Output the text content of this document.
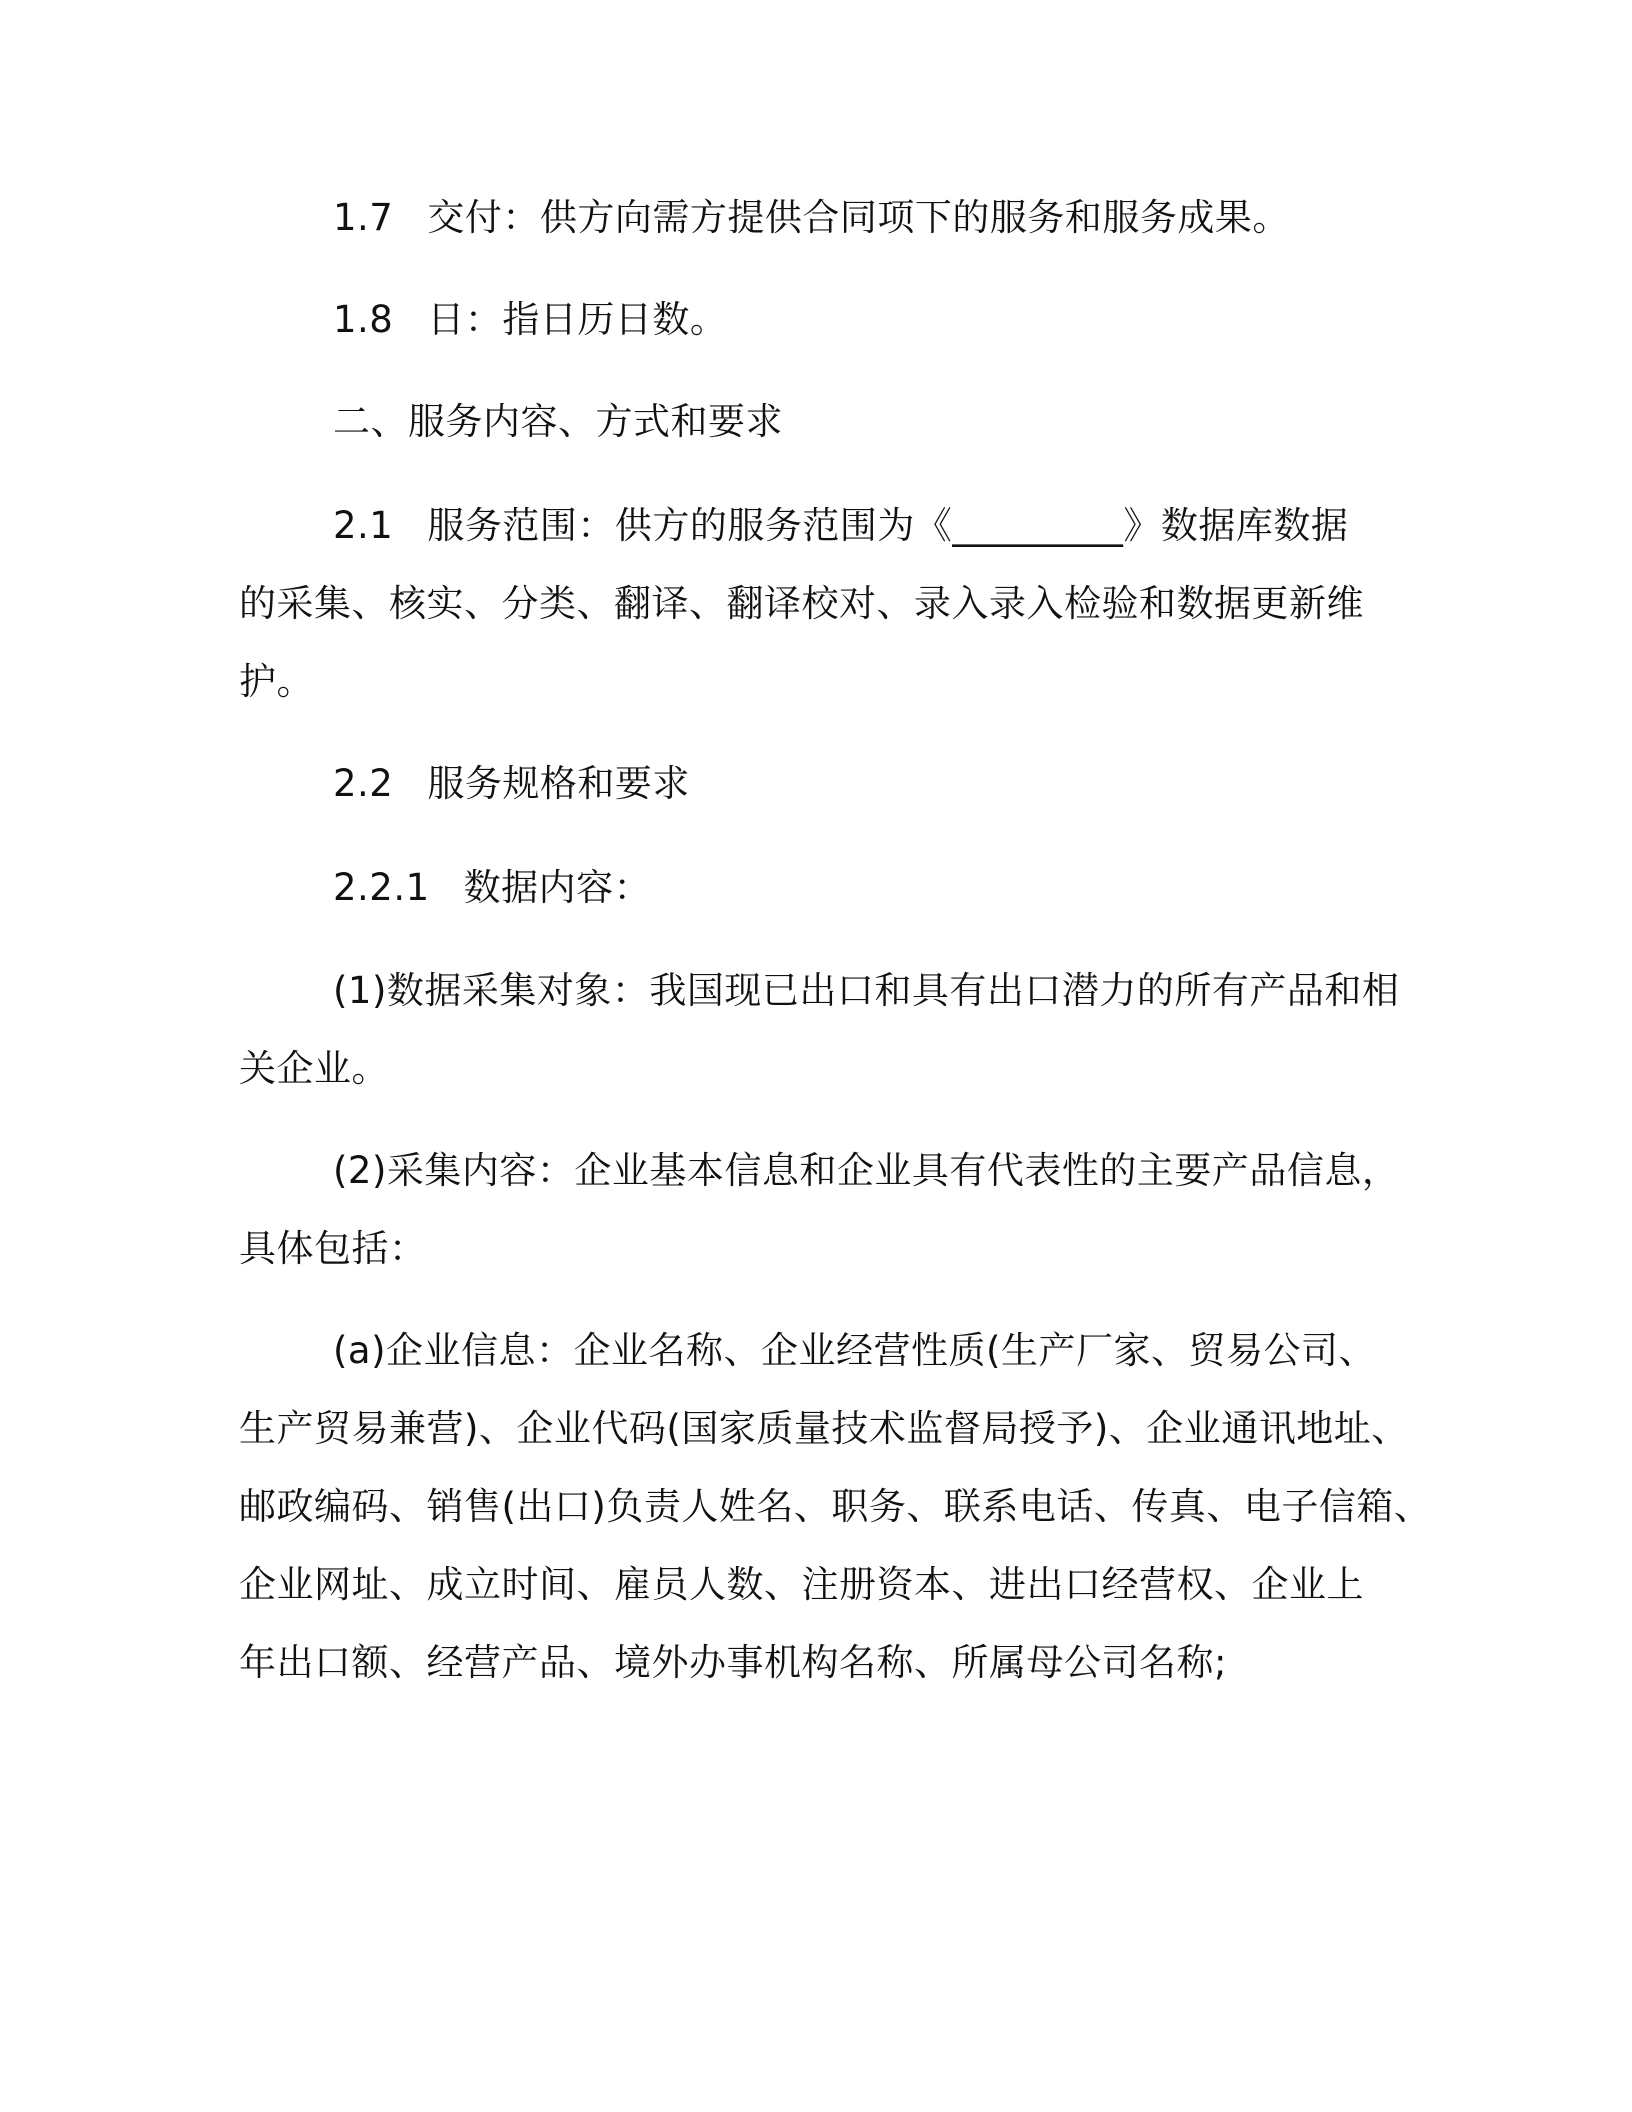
1.7 交付：供方向需方提供合同项下的服务和服务成果。
1.8 日：指日历日数。
二、服务内容、方式和要求
2.1 服务范围：供方的服务范围为《_________》数据库数据
的采集、核实、分类、翻译、翻译校对、录入录入检验和数据更新维
护。
2.2 服务规格和要求
2.2.1 数据内容：
(1)数据采集对象：我国现已出口和具有出口潜力的所有产品和相
关企业。
(2)采集内容：企业基本信息和企业具有代表性的主要产品信息，
具体包括：
(a)企业信息：企业名称、企业经营性质(生产厂家、贸易公司、
生产贸易兼营)、企业代码(国家质量技术监督局授予)、企业通讯地址、
邮政编码、销售(出口)负责人姓名、职务、联系电话、传真、电子信箱、
企业网址、成立时间、雇员人数、注册资本、进出口经营权、企业上
年出口额、经营产品、境外办事机构名称、所属母公司名称;
